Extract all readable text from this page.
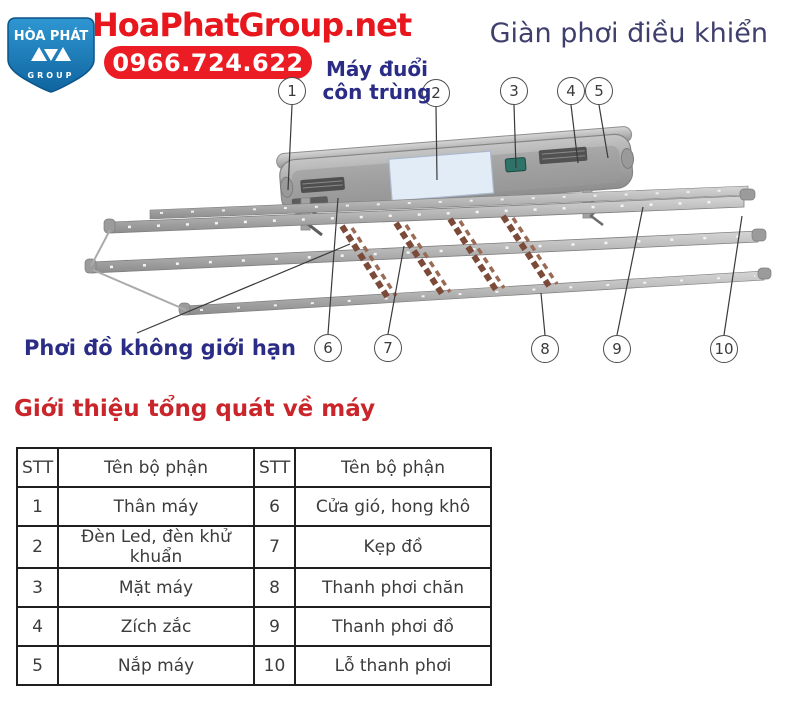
HÒA PHÁT
GROUP
HoaPhatGroup.net
0966.724.622
Giàn phơi điều khiển
1	2	3	4	5
6	7	8	9	10
Máy đuổi
côn trùng
Phơi đồ không giới hạn
Giới thiệu tổng quát về máy
STT	Tên bộ phận	STT	Tên bộ phận
1	Thân máy	6	Cửa gió, hong khô
2	Đèn Led, đèn khử khuẩn	7	Kẹp đồ
3	Mặt máy	8	Thanh phơi chăn
4	Zích zắc	9	Thanh phơi đồ
5	Nắp máy	10	Lỗ thanh phơi
